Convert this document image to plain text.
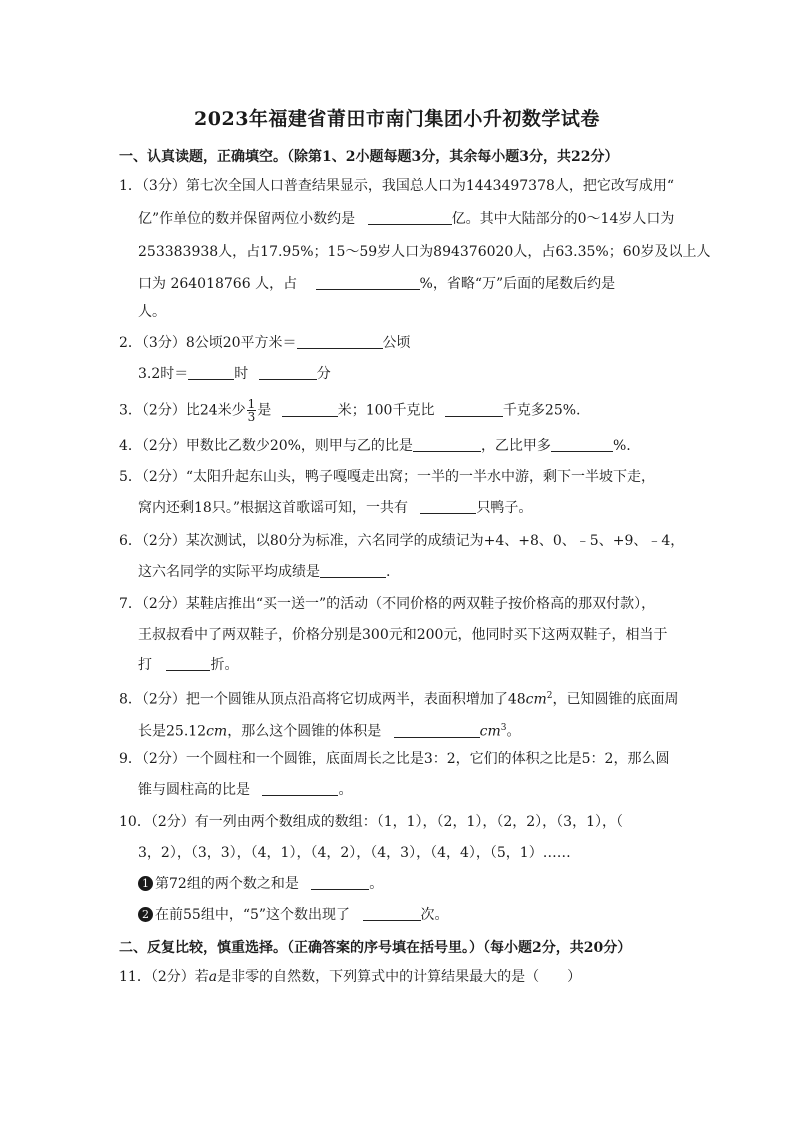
2023年福建省莆田市南门集团小升初数学试卷
一、认真读题，正确填空。（除第1、2小题每题3分，其余每小题3分，共22分）
1．（3分）第七次全国人口普查结果显示，我国总人口为1443497378人，把它改写成用“
亿”作单位的数并保留两位小数约是	亿。其中大陆部分的0～14岁人口为
253383938人，占17.95%；15～59岁人口为894376020人，占63.35%；60岁及以上人
口为 264018766 人，占	%，省略“万”后面的尾数后约是
人。
2．（3分）8公顷20平方米＝	公顷
3.2时＝	时	分
3．（2分）比24米少 $\frac{1}{3}$ 是	米；100千克比	千克多25%.
4．（2分）甲数比乙数少20%，则甲与乙的比是	，乙比甲多	%.
5．（2分）“太阳升起东山头，鸭子嘎嘎走出窝；一半的一半水中游，剩下一半坡下走，
窝内还剩18只。”根据这首歌谣可知，一共有	只鸭子。
6．（2分）某次测试，以80分为标准，六名同学的成绩记为+4、+8、0、﹣5、+9、﹣4，
这六名同学的实际平均成绩是	.
7．（2分）某鞋店推出“买一送一”的活动（不同价格的两双鞋子按价格高的那双付款），
王叔叔看中了两双鞋子，价格分别是300元和200元，他同时买下这两双鞋子，相当于
打	折。
8．（2分）把一个圆锥从顶点沿高将它切成两半，表面积增加了$48cm^2$，已知圆锥的底面周
长是25.12cm，那么这个圆锥的体积是	$cm^3$。
9．（2分）一个圆柱和一个圆锥，底面周长之比是3：2，它们的体积之比是5：2，那么圆
锥与圆柱高的比是	。
10．（2分）有一列由两个数组成的数组：（1，1），（2，1），（2，2），（3，1），（
3，2），（3，3），（4，1），（4，2），（4，3），（4，4），（5，1）……
1 第72组的两个数之和是	。
2 在前55组中，“5”这个数出现了	次。
二、反复比较，慎重选择。（正确答案的序号填在括号里。）（每小题2分，共20分）
11．（2分）若a是非零的自然数，下列算式中的计算结果最大的是（ ）
